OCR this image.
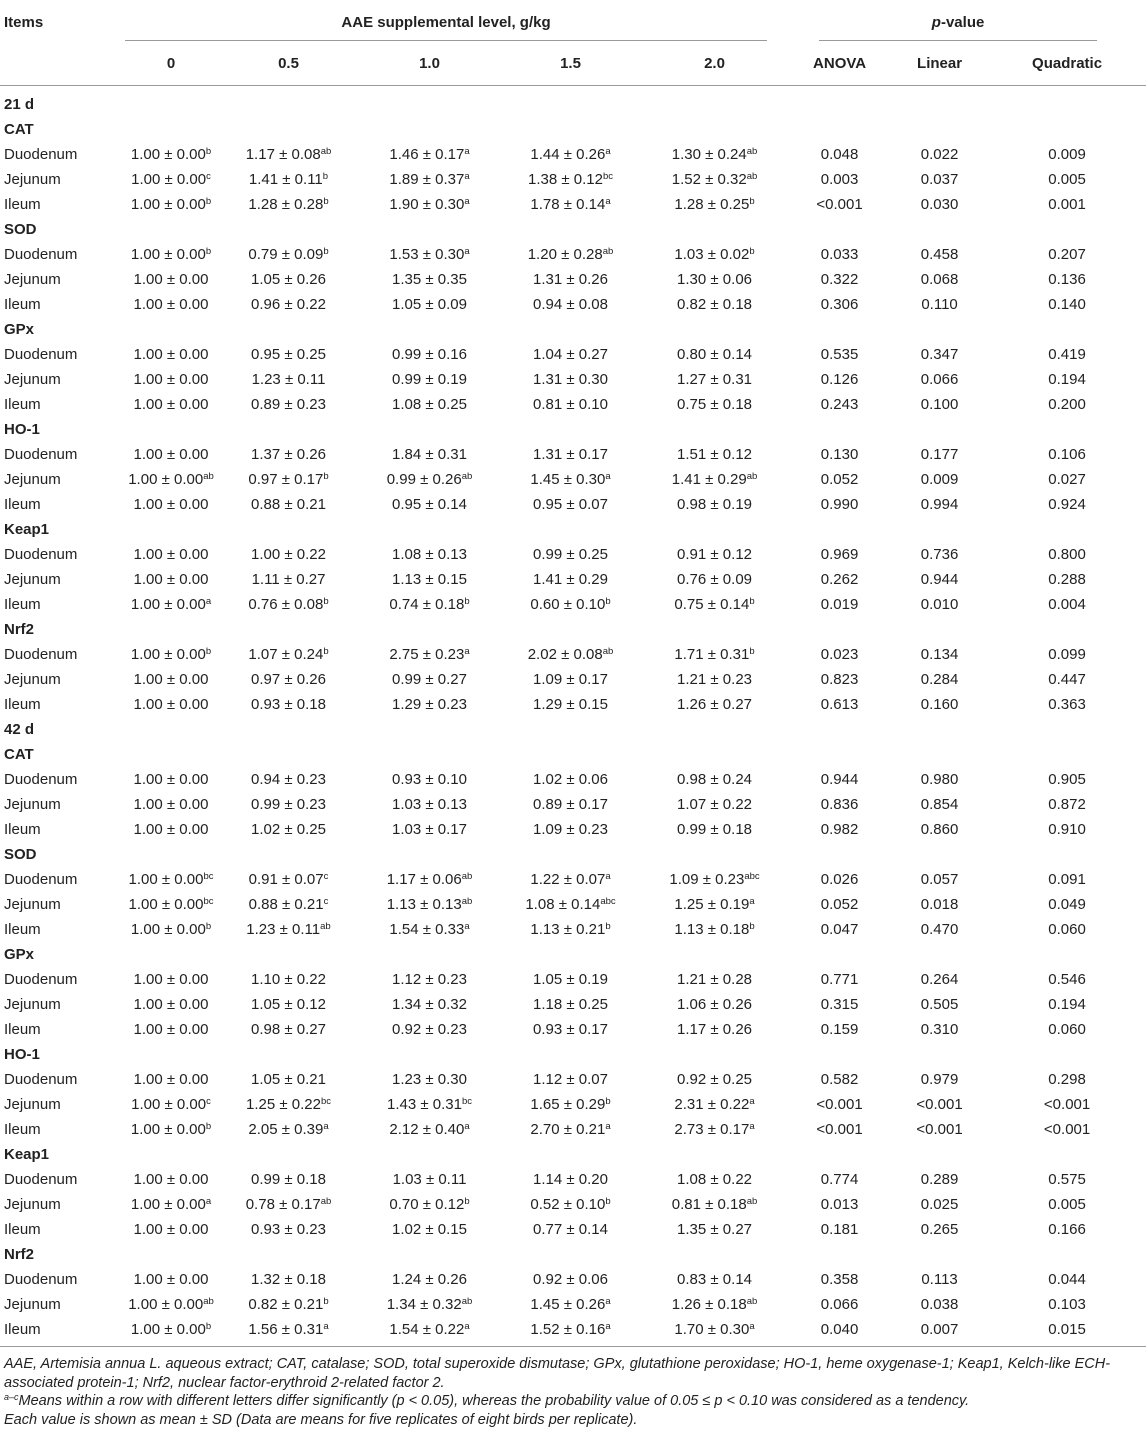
Items	AAE supplemental level, g/kg					p-value		

	0	0.5	1.0	1.5	2.0	ANOVA	Linear	Quadratic
21 d								
CAT								
Duodenum	1.00 ± 0.00$^b$	1.17 ± 0.08$^{ab}$	1.46 ± 0.17$^a$	1.44 ± 0.26$^a$	1.30 ± 0.24$^{ab}$	0.048	0.022	0.009
Jejunum	1.00 ± 0.00$^c$	1.41 ± 0.11$^b$	1.89 ± 0.37$^a$	1.38 ± 0.12$^{bc}$	1.52 ± 0.32$^{ab}$	0.003	0.037	0.005
Ileum	1.00 ± 0.00$^b$	1.28 ± 0.28$^b$	1.90 ± 0.30$^a$	1.78 ± 0.14$^a$	1.28 ± 0.25$^b$	<0.001	0.030	0.001
SOD								
Duodenum	1.00 ± 0.00$^b$	0.79 ± 0.09$^b$	1.53 ± 0.30$^a$	1.20 ± 0.28$^{ab}$	1.03 ± 0.02$^b$	0.033	0.458	0.207
Jejunum	1.00 ± 0.00	1.05 ± 0.26	1.35 ± 0.35	1.31 ± 0.26	1.30 ± 0.06	0.322	0.068	0.136
Ileum	1.00 ± 0.00	0.96 ± 0.22	1.05 ± 0.09	0.94 ± 0.08	0.82 ± 0.18	0.306	0.110	0.140
GPx								
Duodenum	1.00 ± 0.00	0.95 ± 0.25	0.99 ± 0.16	1.04 ± 0.27	0.80 ± 0.14	0.535	0.347	0.419
Jejunum	1.00 ± 0.00	1.23 ± 0.11	0.99 ± 0.19	1.31 ± 0.30	1.27 ± 0.31	0.126	0.066	0.194
Ileum	1.00 ± 0.00	0.89 ± 0.23	1.08 ± 0.25	0.81 ± 0.10	0.75 ± 0.18	0.243	0.100	0.200
HO-1								
Duodenum	1.00 ± 0.00	1.37 ± 0.26	1.84 ± 0.31	1.31 ± 0.17	1.51 ± 0.12	0.130	0.177	0.106
Jejunum	1.00 ± 0.00$^{ab}$	0.97 ± 0.17$^b$	0.99 ± 0.26$^{ab}$	1.45 ± 0.30$^a$	1.41 ± 0.29$^{ab}$	0.052	0.009	0.027
Ileum	1.00 ± 0.00	0.88 ± 0.21	0.95 ± 0.14	0.95 ± 0.07	0.98 ± 0.19	0.990	0.994	0.924
Keap1								
Duodenum	1.00 ± 0.00	1.00 ± 0.22	1.08 ± 0.13	0.99 ± 0.25	0.91 ± 0.12	0.969	0.736	0.800
Jejunum	1.00 ± 0.00	1.11 ± 0.27	1.13 ± 0.15	1.41 ± 0.29	0.76 ± 0.09	0.262	0.944	0.288
Ileum	1.00 ± 0.00$^a$	0.76 ± 0.08$^b$	0.74 ± 0.18$^b$	0.60 ± 0.10$^b$	0.75 ± 0.14$^b$	0.019	0.010	0.004
Nrf2								
Duodenum	1.00 ± 0.00$^b$	1.07 ± 0.24$^b$	2.75 ± 0.23$^a$	2.02 ± 0.08$^{ab}$	1.71 ± 0.31$^b$	0.023	0.134	0.099
Jejunum	1.00 ± 0.00	0.97 ± 0.26	0.99 ± 0.27	1.09 ± 0.17	1.21 ± 0.23	0.823	0.284	0.447
Ileum	1.00 ± 0.00	0.93 ± 0.18	1.29 ± 0.23	1.29 ± 0.15	1.26 ± 0.27	0.613	0.160	0.363
42 d								
CAT								
Duodenum	1.00 ± 0.00	0.94 ± 0.23	0.93 ± 0.10	1.02 ± 0.06	0.98 ± 0.24	0.944	0.980	0.905
Jejunum	1.00 ± 0.00	0.99 ± 0.23	1.03 ± 0.13	0.89 ± 0.17	1.07 ± 0.22	0.836	0.854	0.872
Ileum	1.00 ± 0.00	1.02 ± 0.25	1.03 ± 0.17	1.09 ± 0.23	0.99 ± 0.18	0.982	0.860	0.910
SOD								
Duodenum	1.00 ± 0.00$^{bc}$	0.91 ± 0.07$^c$	1.17 ± 0.06$^{ab}$	1.22 ± 0.07$^a$	1.09 ± 0.23$^{abc}$	0.026	0.057	0.091
Jejunum	1.00 ± 0.00$^{bc}$	0.88 ± 0.21$^c$	1.13 ± 0.13$^{ab}$	1.08 ± 0.14$^{abc}$	1.25 ± 0.19$^a$	0.052	0.018	0.049
Ileum	1.00 ± 0.00$^b$	1.23 ± 0.11$^{ab}$	1.54 ± 0.33$^a$	1.13 ± 0.21$^b$	1.13 ± 0.18$^b$	0.047	0.470	0.060
GPx								
Duodenum	1.00 ± 0.00	1.10 ± 0.22	1.12 ± 0.23	1.05 ± 0.19	1.21 ± 0.28	0.771	0.264	0.546
Jejunum	1.00 ± 0.00	1.05 ± 0.12	1.34 ± 0.32	1.18 ± 0.25	1.06 ± 0.26	0.315	0.505	0.194
Ileum	1.00 ± 0.00	0.98 ± 0.27	0.92 ± 0.23	0.93 ± 0.17	1.17 ± 0.26	0.159	0.310	0.060
HO-1								
Duodenum	1.00 ± 0.00	1.05 ± 0.21	1.23 ± 0.30	1.12 ± 0.07	0.92 ± 0.25	0.582	0.979	0.298
Jejunum	1.00 ± 0.00$^c$	1.25 ± 0.22$^{bc}$	1.43 ± 0.31$^{bc}$	1.65 ± 0.29$^b$	2.31 ± 0.22$^a$	<0.001	<0.001	<0.001
Ileum	1.00 ± 0.00$^b$	2.05 ± 0.39$^a$	2.12 ± 0.40$^a$	2.70 ± 0.21$^a$	2.73 ± 0.17$^a$	<0.001	<0.001	<0.001
Keap1								
Duodenum	1.00 ± 0.00	0.99 ± 0.18	1.03 ± 0.11	1.14 ± 0.20	1.08 ± 0.22	0.774	0.289	0.575
Jejunum	1.00 ± 0.00$^a$	0.78 ± 0.17$^{ab}$	0.70 ± 0.12$^b$	0.52 ± 0.10$^b$	0.81 ± 0.18$^{ab}$	0.013	0.025	0.005
Ileum	1.00 ± 0.00	0.93 ± 0.23	1.02 ± 0.15	0.77 ± 0.14	1.35 ± 0.27	0.181	0.265	0.166
Nrf2								
Duodenum	1.00 ± 0.00	1.32 ± 0.18	1.24 ± 0.26	0.92 ± 0.06	0.83 ± 0.14	0.358	0.113	0.044
Jejunum	1.00 ± 0.00$^{ab}$	0.82 ± 0.21$^b$	1.34 ± 0.32$^{ab}$	1.45 ± 0.26$^a$	1.26 ± 0.18$^{ab}$	0.066	0.038	0.103
Ileum	1.00 ± 0.00$^b$	1.56 ± 0.31$^a$	1.54 ± 0.22$^a$	1.52 ± 0.16$^a$	1.70 ± 0.30$^a$	0.040	0.007	0.015

AAE, Artemisia annua L. aqueous extract; CAT, catalase; SOD, total superoxide dismutase; GPx, glutathione peroxidase; HO-1, heme oxygenase-1; Keap1, Kelch-like ECH-associated protein-1; Nrf2, nuclear factor-erythroid 2-related factor 2.

$^{a-c}$Means within a row with different letters differ significantly (p < 0.05), whereas the probability value of 0.05 ≤ p < 0.10 was considered as a tendency.

Each value is shown as mean ± SD (Data are means for five replicates of eight birds per replicate).
